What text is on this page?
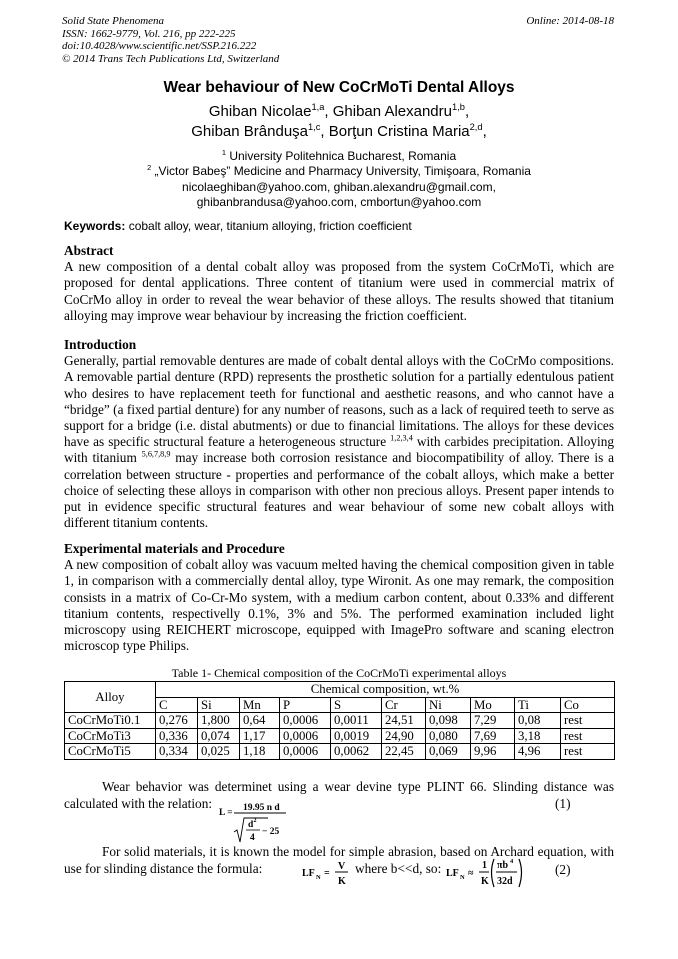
Solid State Phenomena
ISSN: 1662-9779, Vol. 216, pp 222-225
doi:10.4028/www.scientific.net/SSP.216.222
© 2014 Trans Tech Publications Ltd, Switzerland
Online: 2014-08-18
Wear behaviour of New CoCrMoTi Dental Alloys
Ghiban Nicolae$^{1,a}$, Ghiban Alexandru$^{1,b}$,
Ghiban Brânduşa$^{1,c}$, Borţun Cristina Maria$^{2,d}$,
$^1$ University Politehnica Bucharest, Romania
$^2$ „Victor Babeş” Medicine and Pharmacy University, Timişoara, Romania
nicolaeghiban@yahoo.com, ghiban.alexandru@gmail.com,
ghibanbrandusa@yahoo.com, cmbortun@yahoo.com
Keywords: cobalt alloy, wear, titanium alloying, friction coefficient
Abstract

A new composition of a dental cobalt alloy was proposed from the system CoCrMoTi, which are proposed for dental applications. Three content of titanium were used in commercial matrix of CoCrMo alloy in order to reveal the wear behavior of these alloys. The results showed that titanium alloying may improve wear behaviour by increasing the friction coefficient.

Introduction

Generally, partial removable dentures are made of cobalt dental alloys with the CoCrMo compositions. A removable partial denture (RPD) represents the prosthetic solution for a partially edentulous patient who desires to have replacement teeth for functional and aesthetic reasons, and who cannot have a “bridge” (a fixed partial denture) for any number of reasons, such as a lack of required teeth to serve as support for a bridge (i.e. distal abutments) or due to financial limitations. The alloys for these devices have as specific structural feature a heterogeneous structure $^{1,2,3,4}$ with carbides precipitation. Alloying with titanium $^{5,6,7,8,9}$ may increase both corrosion resistance and biocompatibility of alloy. There is a correlation between structure - properties and performance of the cobalt alloys, which make a better choice of selecting these alloys in comparison with other non precious alloys. Present paper intends to put in evidence specific structural features and wear behaviour of some new cobalt alloys with different titanium contents.

Experimental materials and Procedure

A new composition of cobalt alloy was vacuum melted having the chemical composition given in table 1, in comparison with a commercially dental alloy, type Wironit. As one may remark, the composition consists in a matrix of Co-Cr-Mo system, with a medium carbon content, about 0.33% and different titanium contents, respectivelly 0.1%, 3% and 5%. The performed examination included light microscopy using REICHERT microscope, equipped with ImagePro software and scaning electron microscop type Philips.

Table 1- Chemical composition of the CoCrMoTi experimental alloys
Alloy	Chemical composition, wt.%									
	C	Si	Mn	P	S	Cr	Ni	Mo	Ti	Co
CoCrMoTi0.1	0,276	1,800	0,64	0,0006	0,0011	24,51	0,098	7,29	0,08	rest
CoCrMoTi3	0,336	0,074	1,17	0,0006	0,0019	24,90	0,080	7,69	3,18	rest
CoCrMoTi5	0,334	0,025	1,18	0,0006	0,0062	22,45	0,069	9,96	4,96	rest
Wear behavior was determinet using a wear devine type PLINT 66. Slinding distance was calculated with the relation:
L = 19.95 n d
d 2
4
− 25
(1)
For solid materials, it is known the model for simple abrasion, based on Archard equation, with use for slinding distance the formula:	LF N =
V
K
where b<<d, so: LF N ≈
1
K
πb 4
32d
(2)
